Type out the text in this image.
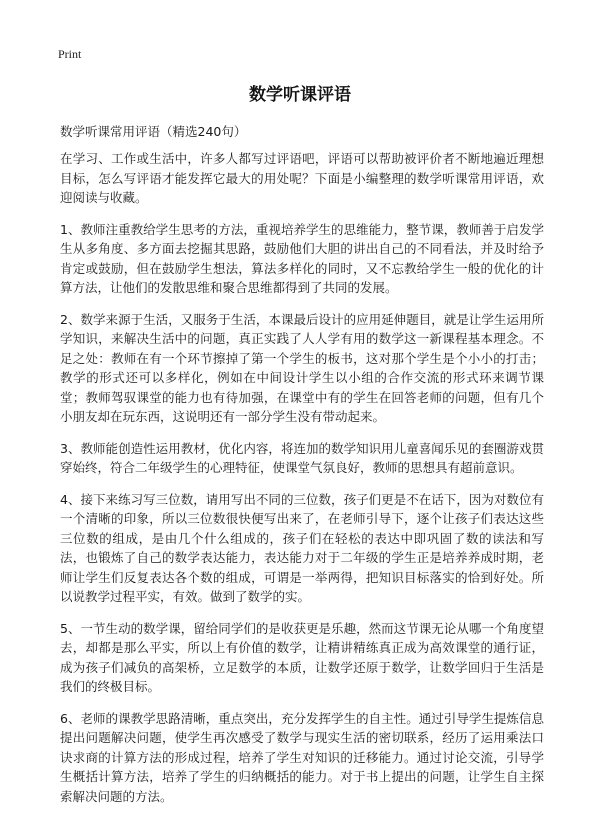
Print
数学听课评语
数学听课常用评语（精选240句）

在学习、工作或生活中，许多人都写过评语吧，评语可以帮助被评价者不断地遍近理想目标，怎么写评语才能发挥它最大的用处呢？下面是小编整理的数学听课常用评语，欢迎阅读与收藏。

1、教师注重教给学生思考的方法，重视培养学生的思维能力，整节课，教师善于启发学生从多角度、多方面去挖掘其思路，鼓励他们大胆的讲出自己的不同看法，并及时给予肯定或鼓励，但在鼓励学生想法，算法多样化的同时，又不忘教给学生一般的优化的计算方法，让他们的发散思维和聚合思维都得到了共同的发展。

2、数学来源于生活，又服务于生活，本课最后设计的应用延伸题目，就是让学生运用所学知识，来解决生活中的问题，真正实践了人人学有用的数学这一新课程基本理念。不足之处：教师在有一个环节擦掉了第一个学生的板书，这对那个学生是个小小的打击；教学的形式还可以多样化，例如在中间设计学生以小组的合作交流的形式环来调节课堂；教师驾驭课堂的能力也有待加强，在课堂中有的学生在回答老师的问题，但有几个小朋友却在玩东西，这说明还有一部分学生没有带动起来。

3、教师能创造性运用教材，优化内容，将连加的数学知识用儿童喜闻乐见的套圈游戏贯穿始终，符合二年级学生的心理特征，使课堂气氛良好，教师的思想具有超前意识。

4、接下来练习写三位数，请用写出不同的三位数，孩子们更是不在话下，因为对数位有一个清晰的印象，所以三位数很快便写出来了，在老师引导下，逐个让孩子们表达这些三位数的组成，是由几个什么组成的，孩子们在轻松的表达中即巩固了数的读法和写法，也锻炼了自己的数学表达能力，表达能力对于二年级的学生正是培养养成时期，老师让学生们反复表达各个数的组成，可谓是一举两得，把知识目标落实的恰到好处。所以说教学过程平实，有效。做到了数学的实。

5、一节生动的数学课，留给同学们的是收获更是乐趣，然而这节课无论从哪一个角度望去，却都是那么平实，所以上有价值的数学，让精讲精练真正成为高效课堂的通行证，成为孩子们减负的高架桥，立足数学的本质，让数学还原于数学，让数学回归于生活是我们的终极目标。

6、老师的课教学思路清晰，重点突出，充分发挥学生的自主性。通过引导学生提炼信息提出问题解决问题，使学生再次感受了数学与现实生活的密切联系，经历了运用乘法口诀求商的计算方法的形成过程，培养了学生对知识的迁移能力。通过讨论交流，引导学生概括计算方法，培养了学生的归纳概括的能力。对于书上提出的问题，让学生自主探索解决问题的方法。
